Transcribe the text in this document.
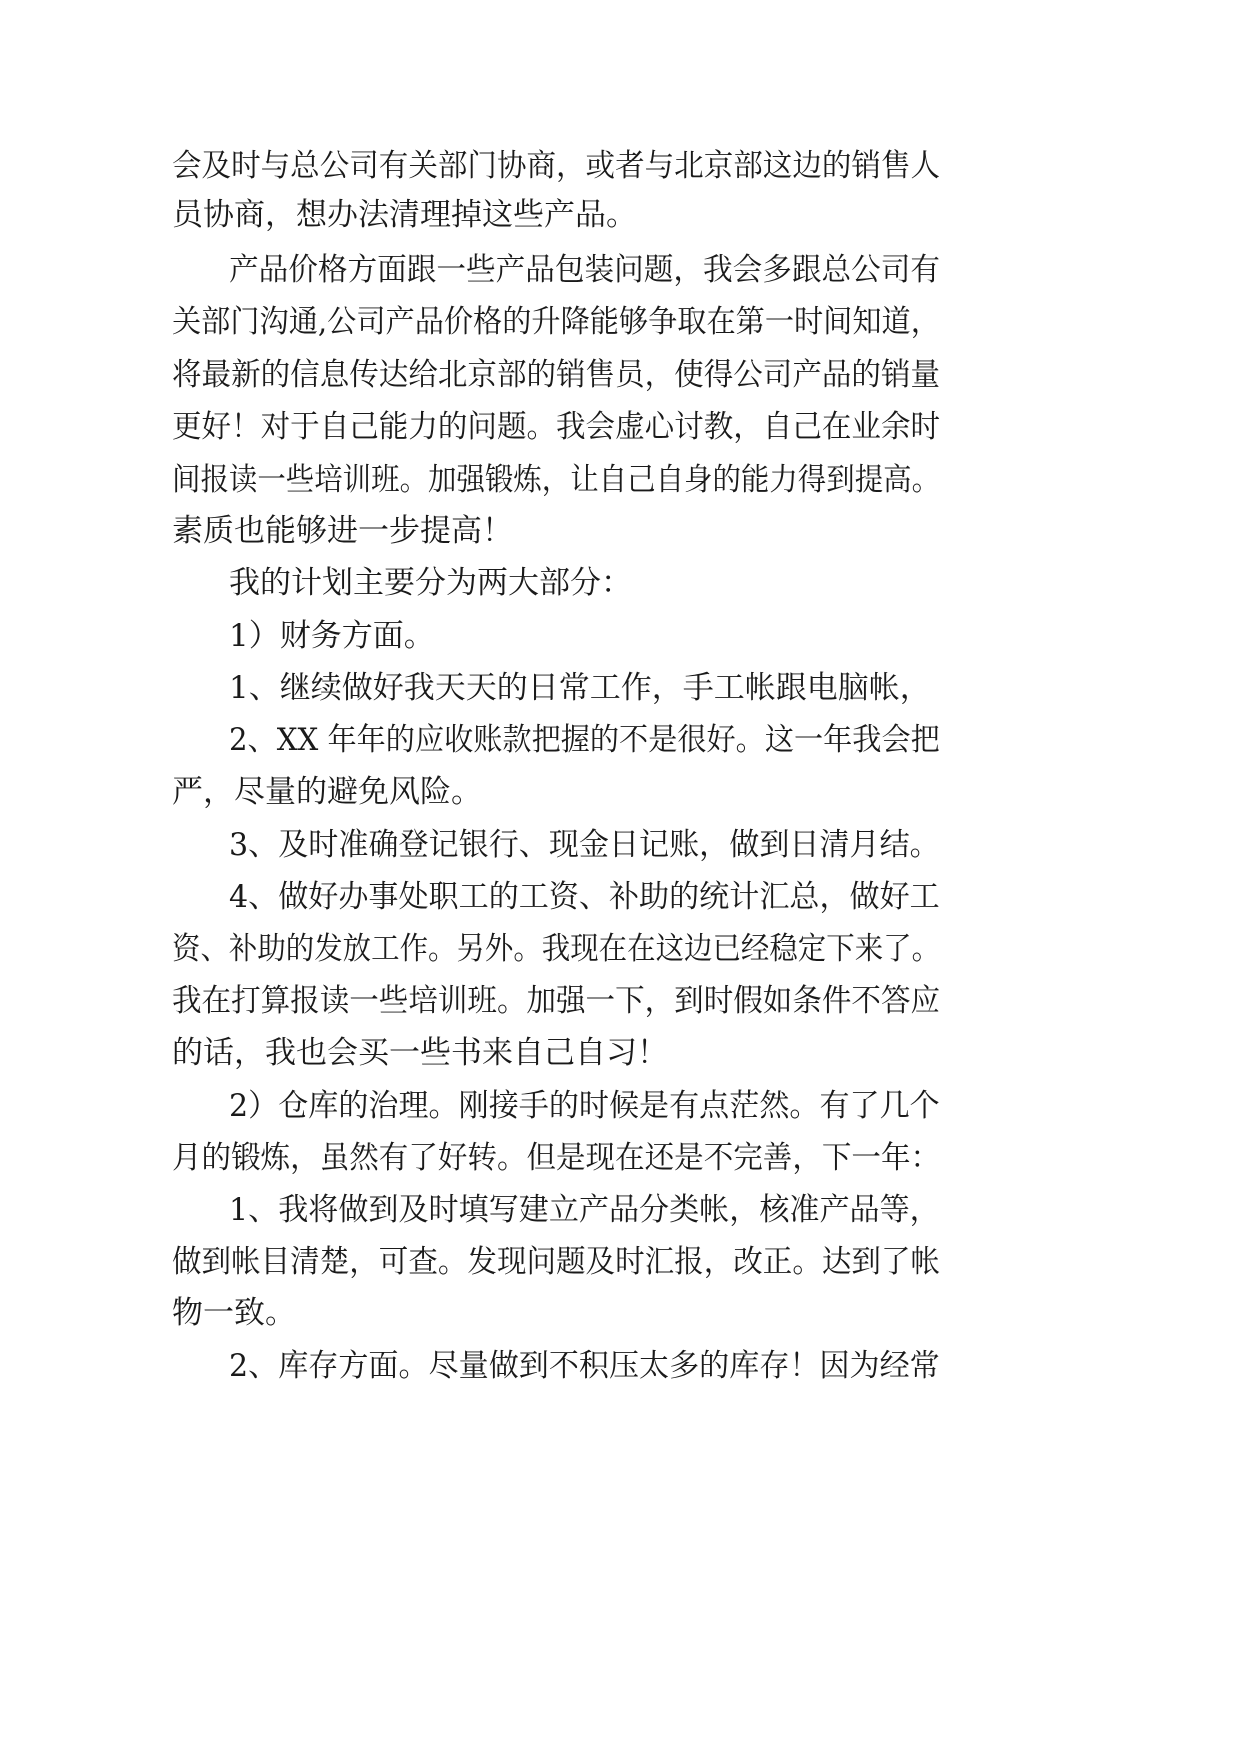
会及时与总公司有关部门协商，或者与北京部这边的销售人
员协商，想办法清理掉这些产品。
产品价格方面跟一些产品包装问题，我会多跟总公司有
关部门沟通,公司产品价格的升降能够争取在第一时间知道，
将最新的信息传达给北京部的销售员，使得公司产品的销量
更好！对于自己能力的问题。我会虚心讨教，自己在业余时
间报读一些培训班。加强锻炼，让自己自身的能力得到提高。
素质也能够进一步提高！
我的计划主要分为两大部分：
1）财务方面。
1、继续做好我天天的日常工作，手工帐跟电脑帐，
2、XX 年年的应收账款把握的不是很好。这一年我会把
严，尽量的避免风险。
3、及时准确登记银行、现金日记账，做到日清月结。
4、做好办事处职工的工资、补助的统计汇总，做好工
资、补助的发放工作。另外。我现在在这边已经稳定下来了。
我在打算报读一些培训班。加强一下，到时假如条件不答应
的话，我也会买一些书来自己自习！
2）仓库的治理。刚接手的时候是有点茫然。有了几个
月的锻炼，虽然有了好转。但是现在还是不完善，下一年：
1、我将做到及时填写建立产品分类帐，核准产品等，
做到帐目清楚，可查。发现问题及时汇报，改正。达到了帐
物一致。
2、库存方面。尽量做到不积压太多的库存！因为经常
